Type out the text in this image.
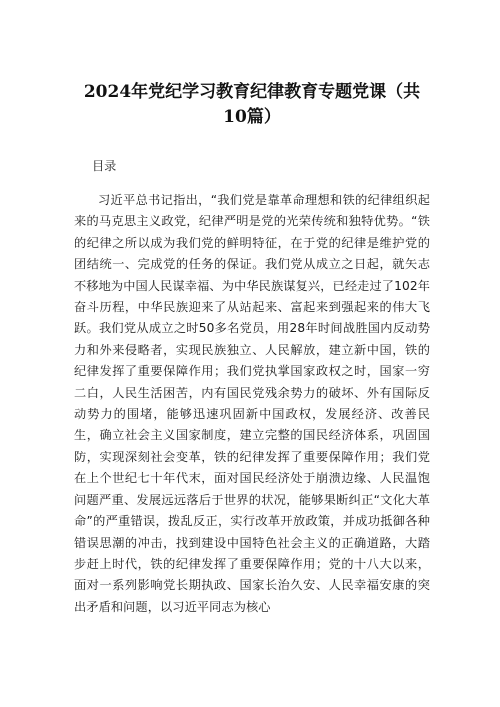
2024年党纪学习教育纪律教育专题党课（共10篇）
目录

习近平总书记指出，“我们党是靠革命理想和铁的纪律组织起来的马克思主义政党，纪律严明是党的光荣传统和独特优势。“铁的纪律之所以成为我们党的鲜明特征，在于党的纪律是维护党的团结统一、完成党的任务的保证。我们党从成立之日起，就矢志不移地为中国人民谋幸福、为中华民族谋复兴，已经走过了102年奋斗历程，中华民族迎来了从站起来、富起来到强起来的伟大飞跃。我们党从成立之时50多名党员，用28年时间战胜国内反动势力和外来侵略者，实现民族独立、人民解放，建立新中国，铁的纪律发挥了重要保障作用；我们党执掌国家政权之时，国家一穷二白，人民生活困苦，内有国民党残余势力的破坏、外有国际反动势力的围堵，能够迅速巩固新中国政权，发展经济、改善民生，确立社会主义国家制度，建立完整的国民经济体系，巩固国防，实现深刻社会变革，铁的纪律发挥了重要保障作用；我们党在上个世纪七十年代末，面对国民经济处于崩溃边缘、人民温饱问题严重、发展远远落后于世界的状况，能够果断纠正“文化大革命”的严重错误，拨乱反正，实行改革开放政策，并成功抵御各种错误思潮的冲击，找到建设中国特色社会主义的正确道路，大踏步赶上时代，铁的纪律发挥了重要保障作用；党的十八大以来，面对一系列影响党长期执政、国家长治久安、人民幸福安康的突出矛盾和问题，以习近平同志为核心
